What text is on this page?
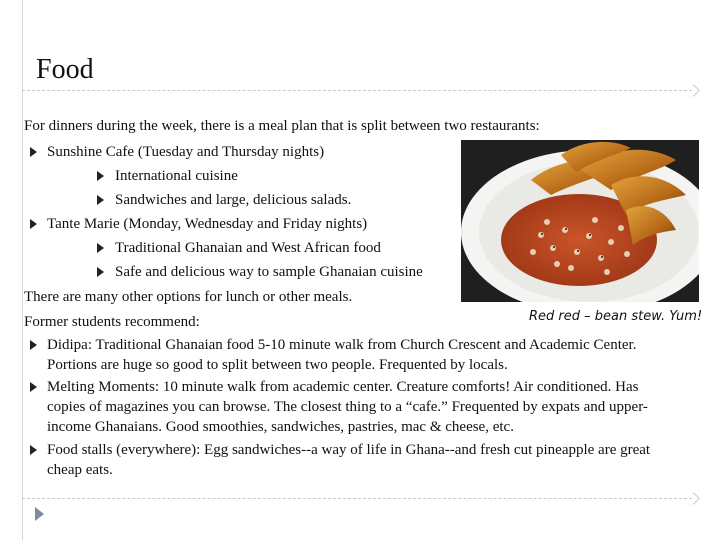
Food
For dinners during the week, there is a meal plan that is split between two restaurants:
Sunshine Cafe (Tuesday and Thursday nights)
International cuisine
Sandwiches and large, delicious salads.
Tante Marie (Monday, Wednesday and Friday nights)
Traditional Ghanaian and West African food
Safe and delicious way to sample Ghanaian cuisine
There are many other options for lunch or other meals.
Former students recommend:
Didipa: Traditional Ghanaian food 5-10 minute walk from Church Crescent and Academic Center. Portions are huge so good to split between two people. Frequented by locals.
Melting Moments: 10 minute walk from academic center. Creature comforts! Air conditioned. Has copies of magazines you can browse. The closest thing to a “cafe.” Frequented by expats and upper-income Ghanaians. Good smoothies, sandwiches, pastries, mac & cheese, etc.
Food stalls (everywhere): Egg sandwiches--a way of life in Ghana--and fresh cut pineapple are great cheap eats.
Red red – bean stew. Yum!
